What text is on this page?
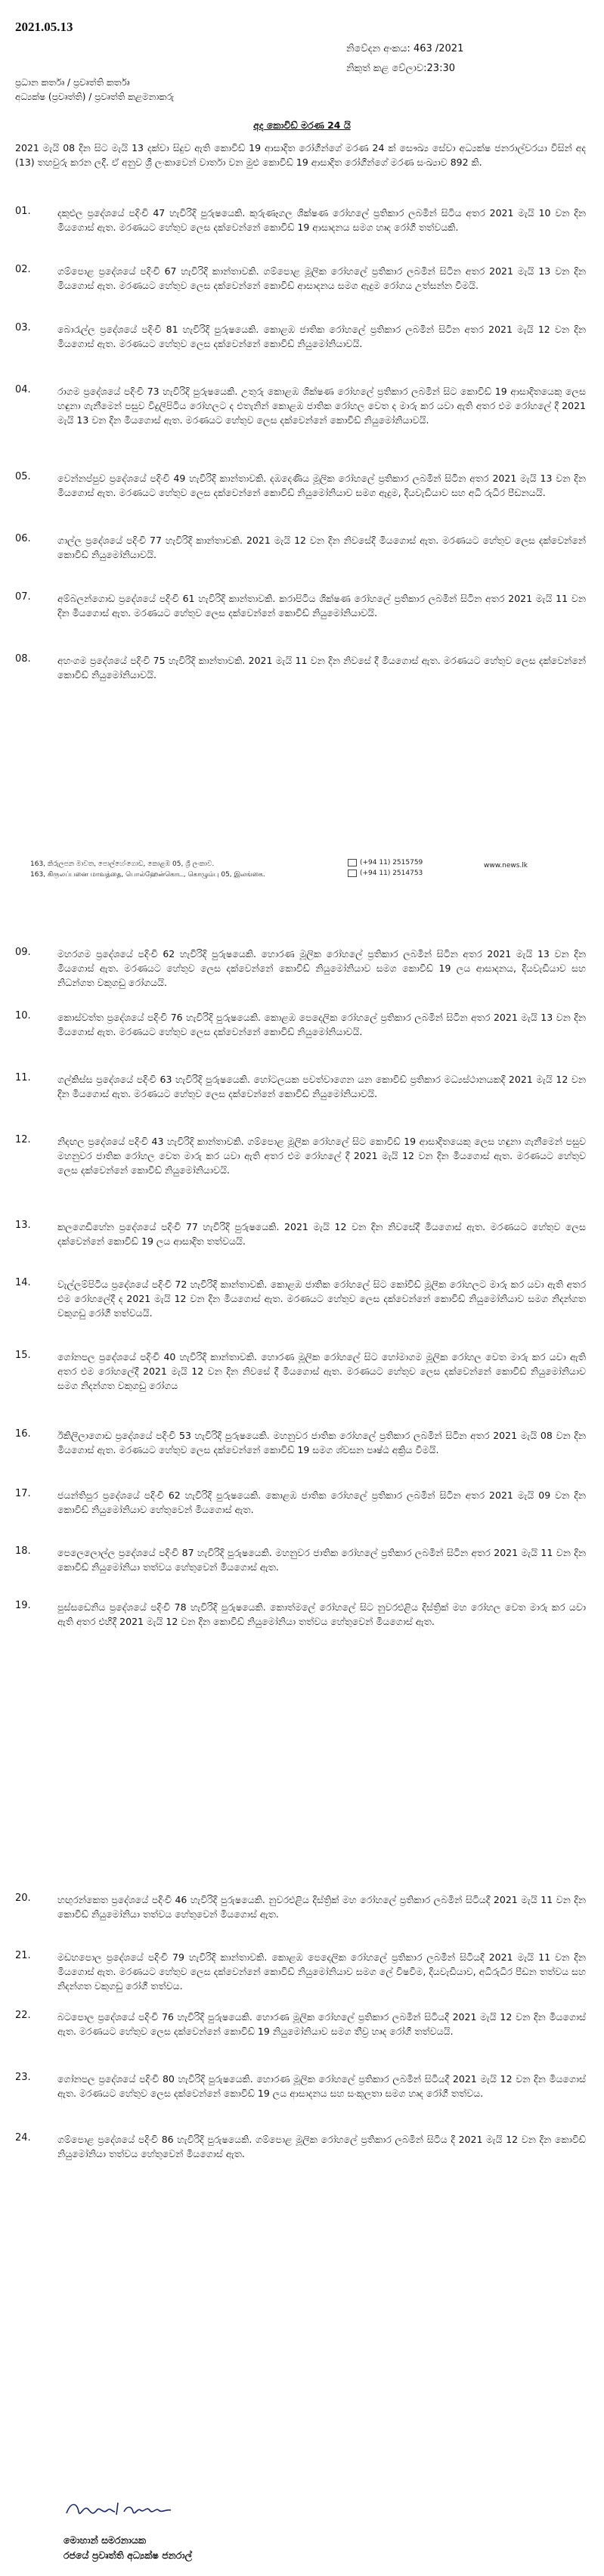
2021.05.13
නිවේදන අංකය: 463 /2021
නිකුත් කළ වේලාව:23:30
ප්‍රධාන කර්තෘ / ප්‍රවෘත්ති කර්තෘ
අධ්‍යක්ෂ (ප්‍රවෘත්ති) / ප්‍රවෘත්ති කළමනාකරු
අද කොවිඩ් මරණ 24 යි
2021 මැයි 08 දින සිට මැයි 13 දක්වා සිදුව ඇති කොවිඩ් 19 ආසාදිත රෝගීන්ගේ මරණ 24 ක් සෞඛ්‍ය සේවා අධ්‍යක්ෂ ජනරාල්වරයා විසින් අද (13) තහවුරු කරන ලදී. ඒ අනුව ශ්‍රී ලංකාවෙන් වාර්තා වන මුළු කොවිඩ් 19 ආසාදිත රෝගීන්ගේ මරණ සංඛ්‍යාව 892 කි.
01.	දකුළුල ප්‍රදේශයේ පදිංචි 47 හැවිරිදි පුරුෂයෙකි. කුරුණෑගල ශික්ෂණ රෝහලේ ප්‍රතිකාර ලබමින් සිටිය අතර 2021 මැයි 10 වන දින මියගොස් ඇත. මරණයට හේතුව ලෙස දක්වෙන්නේ කොවිඩ් 19 ආසාදනය සමග හෘද රෝගී තත්වයකි.
02.	ගම්පොළ ප්‍රදේශයේ පදිංචි 67 හැවිරිදි කාන්තාවකි. ගම්පොළ මූලික රෝහලේ ප්‍රතිකාර ලබමින් සිටින අතර 2021 මැයි 13 වන දින මියගොස් ඇත. මරණයට හේතුව ලෙස දක්වෙන්නේ කොවිඩ් ආසාදනය සමග ඇදුම රෝගය උත්සන්න වීමයි.
03.	බොරැල්ල ප්‍රදේශයේ පදිංචි 81 හැවිරිදි පුරුෂයෙකි. කොළඹ ජාතික රෝහලේ ප්‍රතිකාර ලබමින් සිටින අතර 2021 මැයි 12 වන දින මියගොස් ඇත. මරණයට හේතුව ලෙස දක්වෙන්නේ කොවිඩ් නියුමෝනියාවයි.
04.	රාගම ප්‍රදේශයේ පදිංචි 73 හැවිරිදි පුරුෂයෙකි. උතුරු කොළඹ ශික්ෂණ රෝහලේ ප්‍රතිකාර ලබමින් සිට කොවිඩ් 19 ආසාදිතයෙකු ලෙස හඳුනා ගැනීමෙන් පසුව විදුලිපිටිය රෝහලට ද එතැනින් කොළඹ ජාතික රෝහල වෙත ද මාරු කර යවා ඇති අතර එම රෝහලේ දී 2021 මැයි 13 වන දින මියගොස් ඇත. මරණයට හේතුව ලෙස දක්වෙන්නේ කොවිඩ් නියුමෝනියාවයි.
05.	වෙන්නප්පුව ප්‍රදේශයේ පදිංචි 49 හැවිරිදි කාන්තාවකි. දඹදෙණිය මූලික රෝහලේ ප්‍රතිකාර ලබමින් සිටින අතර 2021 මැයි 13 වන දින මියගොස් ඇත. මරණයට හේතුව ලෙස දක්වෙන්නේ කොවිඩ් නියුමෝනියාව සමග ඇදුම, දියවැඩියාව සහ අධි රුධිර පීඩනයයි.
06.	ගාල්ල ප්‍රදේශයේ පදිංචි 77 හැවිරිදි කාන්තාවකි. 2021 මැයි 12 වන දින නිවසේදී මියගොස් ඇත. මරණයට හේතුව ලෙස දක්වෙන්නේ කොවිඩ් නියුමෝනියාවයි.
07.	අම්බලන්ගොඩ ප්‍රදේශයේ පදිංචි 61 හැවිරිදි කාන්තාවකි. කරාපිටිය ශික්ෂණ රෝහලේ ප්‍රතිකාර ලබමින් සිටින අතර 2021 මැයි 11 වන දින මියගොස් ඇත. මරණයට හේතුව ලෙස දක්වෙන්නේ කොවිඩ් නියුමෝනියාවයි.
08.	අහංගම ප්‍රදේශයේ පදිංචි 75 හැවිරිදි කාන්තාවකි. 2021 මැයි 11 වන දින නිවසේ දී මියගොස් ඇත. මරණයට හේතුව ලෙස දක්වෙන්නේ කොවිඩ් නියුමෝනියාවයි.
09.	මහරගම ප්‍රදේශයේ පදිංචි 62 හැවිරිදි පුරුෂයෙකි. හොරණ මූලික රෝහලේ ප්‍රතිකාර ලබමින් සිටින අතර 2021 මැයි 13 වන දින මියගොස් ඇත. මරණයට හේතුව ලෙස දක්වෙන්නේ කොවිඩ් නියුමෝනියාව සමග කොවිඩ් 19 ලය ආසාදනය, දියවැඩියාව සහ නිධන්ගත වකුගඩු රෝගයයි.
10.	කොස්වත්ත ප්‍රදේශයේ පදිංචි 76 හැවිරිදි පුරුෂයෙකි. කොළඹ පෙදෙලික රෝහලේ ප්‍රතිකාර ලබමින් සිටින අතර 2021 මැයි 13 වන දින මියගොස් ඇත. මරණයට හේතුව ලෙස දක්වෙන්නේ කොවිඩ් නියුමෝනියාවයි.
11.	ගල්කිස්ස ප්‍රදේශයේ පදිංචි 63 හැවිරිදි පුරුෂයෙකි. හෝටලයක පවත්වාගෙන යන කොවිඩ් ප්‍රතිකාර මධ්‍යස්ථානයකදී 2021 මැයි 12 වන දින මියගොස් ඇත. මරණයට හේතුව ලෙස දක්වෙන්නේ කොවිඩ් නියුමෝනියාවයි.
12.	නිදඟල ප්‍රදේශයේ පදිංචි 43 හැවිරිදි කාන්තාවකි. ගම්පොළ මූලික රෝහලේ සිට කොවිඩ් 19 ආසාදිතයෙකු ලෙස හඳුනා ගැනීමෙන් පසුව මහනුවර ජාතික රෝහල වෙත මාරු කර යවා ඇති අතර එම රෝහලේ දී 2021 මැයි 12 වන දින මියගොස් ඇත. මරණයට හේතුව ලෙස දක්වෙන්නේ කොවිඩ් නියුමෝනියාවයි.
13.	කලගෙඩිහේන ප්‍රදේශයේ පදිංචි 77 හැවිරිදි පුරුෂයෙකි. 2021 මැයි 12 වන දින නිවසේදී මියගොස් ඇත. මරණයට හේතුව ලෙස දක්වෙන්නේ කොවිඩ් 19 ලය ආසාදිත තත්වයයි.
14.	වැල්ලම්පිටිය ප්‍රදේශයේ පදිංචි 72 හැවිරිදි කාන්තාවකි. කොළඹ ජාතික රෝහලේ සිට කෝවිඩ් මූලික රෝහලට මාරු කර යවා ඇති අතර එම රෝහලේදී ද 2021 මැයි 12 වන දින මියගොස් ඇත. මරණයට හේතුව ලෙස දක්වෙන්නේ කොවිඩ් නියුමෝනියාව සමග නිදන්ගත වකුගඩු රෝගී තත්වයයි.
15.	ගෝනපල ප්‍රදේශයේ පදිංචි 40 හැවිරිදි කාන්තාවකි. හොරණ මූලික රෝහලේ සිට හෝමාගම මූලික රෝහල වෙත මාරු කර යවා ඇති අතර එම රෝහලේදී 2021 මැයි 12 වන දින නිවසේ දී මියගොස් ඇත. මරණයට හේතුව ලෙස දක්වෙන්නේ කොවිඩ් නියුමෝනියාව සමග නිදන්ගත වකුගඩු රෝගය
16.	ඊකිලිලාගොඩ ප්‍රදේශයේ පදිංචි 53 හැවිරිදි පුරුෂයෙකි. මහනුවර ජාතික රෝහලේ ප්‍රතිකාර ලබමින් සිටින අතර 2021 මැයි 08 වන දින මියගොස් ඇත. මරණයට හේතුව ලෙස දක්වෙන්නේ කොවිඩ් 19 සමග ශ්වසන පෘෂ්ඨ අක්‍රිය වීමයි.
17.	ජයන්තිපුර ප්‍රදේශයේ පදිංචි 62 හැවිරිදි පුරුෂයෙකි. කොළඹ ජාතික රෝහලේ ප්‍රතිකාර ලබමින් සිටින අතර 2021 මැයි 09 වන දින කොවිඩ් නියුමෝනියාව හේතුවෙන් මියගොස් ඇත.
18.	පෙලෙලොල්ල ප්‍රදේශයේ පදිංචි 87 හැවිරිදි පුරුෂයෙකි. මහනුවර ජාතික රෝහලේ ප්‍රතිකාර ලබමින් සිටින අතර 2021 මැයි 11 වන දින කොවිඩ් නියුමෝනියා තත්වය හේතුවෙන් මියගොස් ඇත.
19.	පුස්සඩෙනිය ප්‍රදේශයේ පදිංචි 78 හැවිරිදි පුරුෂයෙකි. කොත්මලේ රෝහලේ සිට නුවරඑළිය දිස්ත්‍රික් මහ රෝහල වෙත මාරු කර යවා ඇති අතර එහිදී 2021 මැයි 12 වන දින කොවිඩ් නියුමෝනියා තත්වය හේතුවෙන් මියගොස් ඇත.
20.	හඟුරන්කෙත ප්‍රදේශයේ පදිංචි 46 හැවිරිදි පුරුෂයෙකි. නුවරඑළිය දිස්ත්‍රික් මහ රෝහලේ ප්‍රතිකාර ලබමින් සිටියදී 2021 මැයි 11 වන දින කොවිඩ් නියුමෝනියා තත්වය හේතුවෙන් මියගොස් ඇත.
21.	මඩහපොල ප්‍රදේශයේ පදිංචි 79 හැවිරිදි කාන්තාවකි. කොළඹ පෙදෙලික රෝහලේ ප්‍රතිකාර ලබමින් සිටියදී 2021 මැයි 11 වන දින මියගොස් ඇත. මරණයට හේතුව ලෙස දක්වෙන්නේ කොවිඩ් නියුමෝනියාව සමග ලේ විෂවීම, දියවැඩියාව, අධිරුධිර පීඩන තත්වය සහ නිදන්ගත වකුගඩු රෝගී තත්වය.
22.	බටපොල ප්‍රදේශයේ පදිංචි 76 හැවිරිදි පුරුෂයෙකි. හොරණ මූලික රෝහලේ ප්‍රතිකාර ලබමින් සිටියදී 2021 මැයි 12 වන දින මියගොස් ඇත. මරණයට හේතුව ලෙස දක්වෙන්නේ කොවිඩ් 19 නියුමෝනියාව සමග තීව්‍ර හෘද රෝගී තත්වයයි.
23.	ගෝනපල ප්‍රදේශයේ පදිංචි 80 හැවිරිදි පුරුෂයෙකි. හොරණ මූලික රෝහලේ ප්‍රතිකාර ලබමින් සිටියදී 2021 මැයි 12 වන දින මියගොස් ඇත. මරණයට හේතුව ලෙස දක්වෙන්නේ කොවිඩ් 19 ලය ආසාදනය සහ සංකූලතා සමග හෘද රෝගී තත්වය.
24.	ගම්පොළ ප්‍රදේශයේ පදිංචි 86 හැවිරිදි පුරුෂයෙකි. ගම්පොළ මූලික රෝහලේ ප්‍රතිකාර ලබමින් සිටිය දී 2021 මැයි 12 වන දින කොවිඩ් නියුමෝනියා තත්වය හේතුවෙන් මියගොස් ඇත.
163, කිරුලපන මාවත, පොල්හේංගොඩ, කොළඹ 05, ශ්‍රී ලංකාව.
163, கிருலப்பனை மாவத்தை, பொல்ஹேன்கொட, கொழும்பு 05, இலங்கை.
(+94 11) 2515759
(+94 11) 2514753
www.news.lk
මොහාන් සමරනායක
රජයේ ප්‍රවෘත්ති අධ්‍යක්ෂ ජනරාල්
